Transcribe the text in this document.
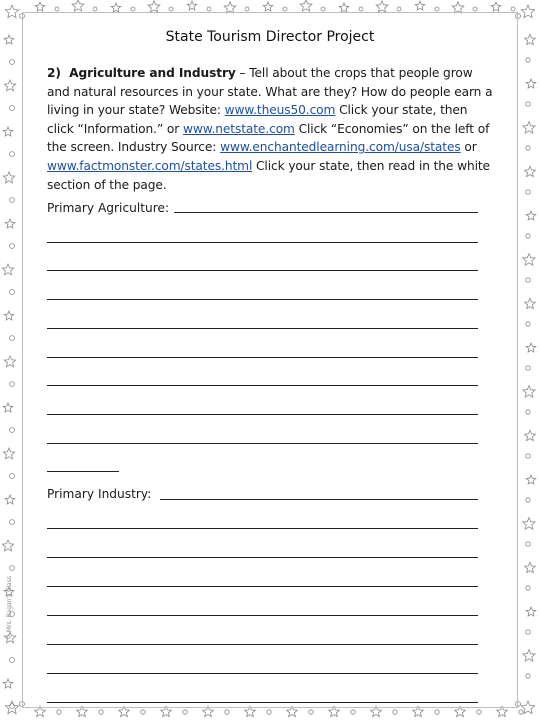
State Tourism Director Project
2) Agriculture and Industry – Tell about the crops that people grow and natural resources in your state. What are they? How do people earn a living in your state? Website: www.theus50.com Click your state, then click “Information.” or www.netstate.com Click “Economies” on the left of the screen. Industry Source: www.enchantedlearning.com/usa/states or www.factmonster.com/states.html Click your state, then read in the white section of the page.
Primary Agriculture:
Primary Industry:
© Mrs. Ragan's Class
